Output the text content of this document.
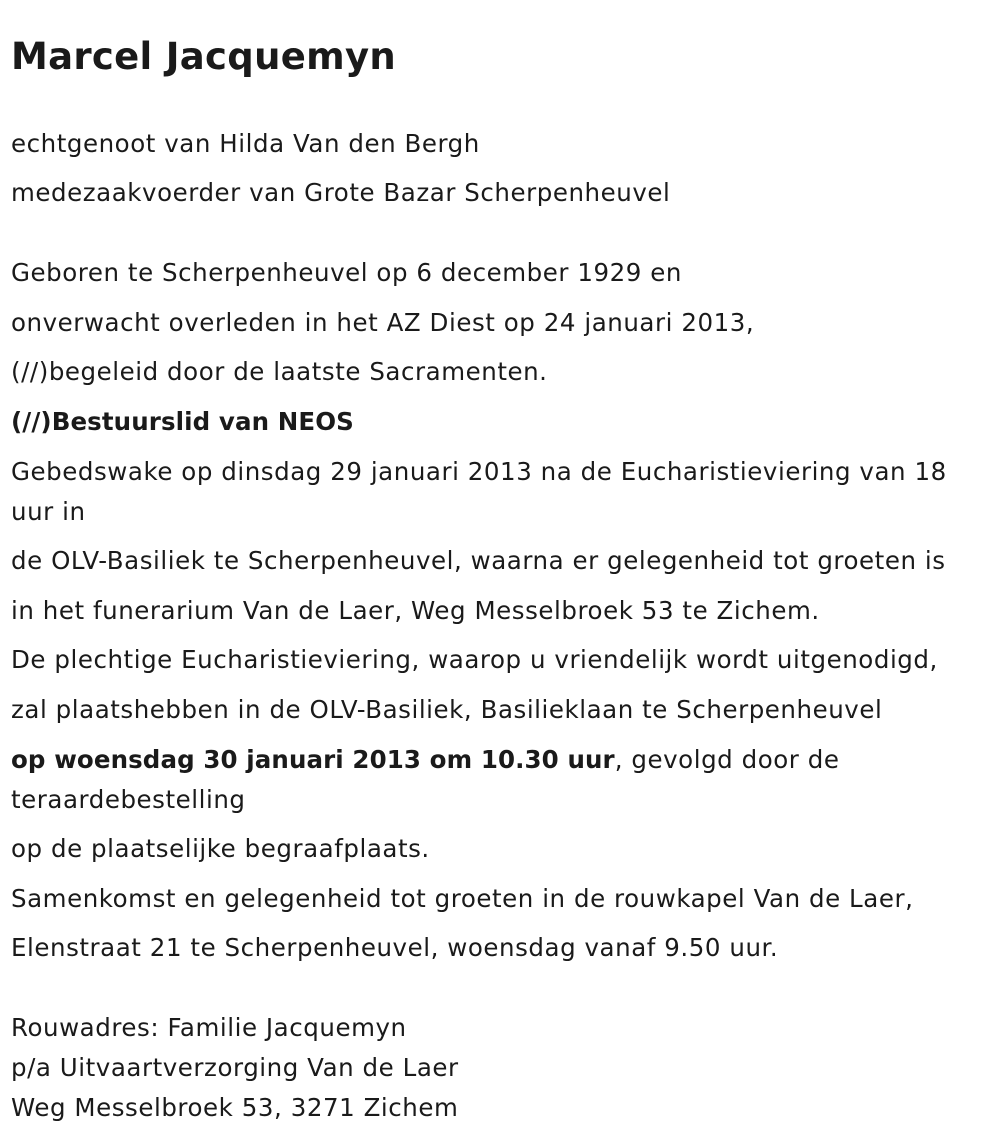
Marcel Jacquemyn

echtgenoot van Hilda Van den Bergh

medezaakvoerder van Grote Bazar Scherpenheuvel

Geboren te Scherpenheuvel op 6 december 1929 en

onverwacht overleden in het AZ Diest op 24 januari 2013,

(//)begeleid door de laatste Sacramenten.

(//)Bestuurslid van NEOS

Gebedswake op dinsdag 29 januari 2013 na de Eucharistieviering van 18 uur in

de OLV-Basiliek te Scherpenheuvel, waarna er gelegenheid tot groeten is

in het funerarium Van de Laer, Weg Messelbroek 53 te Zichem.

De plechtige Eucharistieviering, waarop u vriendelijk wordt uitgenodigd,

zal plaatshebben in de OLV-Basiliek, Basilieklaan te Scherpenheuvel

op woensdag 30 januari 2013 om 10.30 uur, gevolgd door de teraardebestelling

op de plaatselijke begraafplaats.

Samenkomst en gelegenheid tot groeten in de rouwkapel Van de Laer,

Elenstraat 21 te Scherpenheuvel, woensdag vanaf 9.50 uur.

Rouwadres: Familie Jacquemyn

p/a Uitvaartverzorging Van de Laer

Weg Messelbroek 53, 3271 Zichem
